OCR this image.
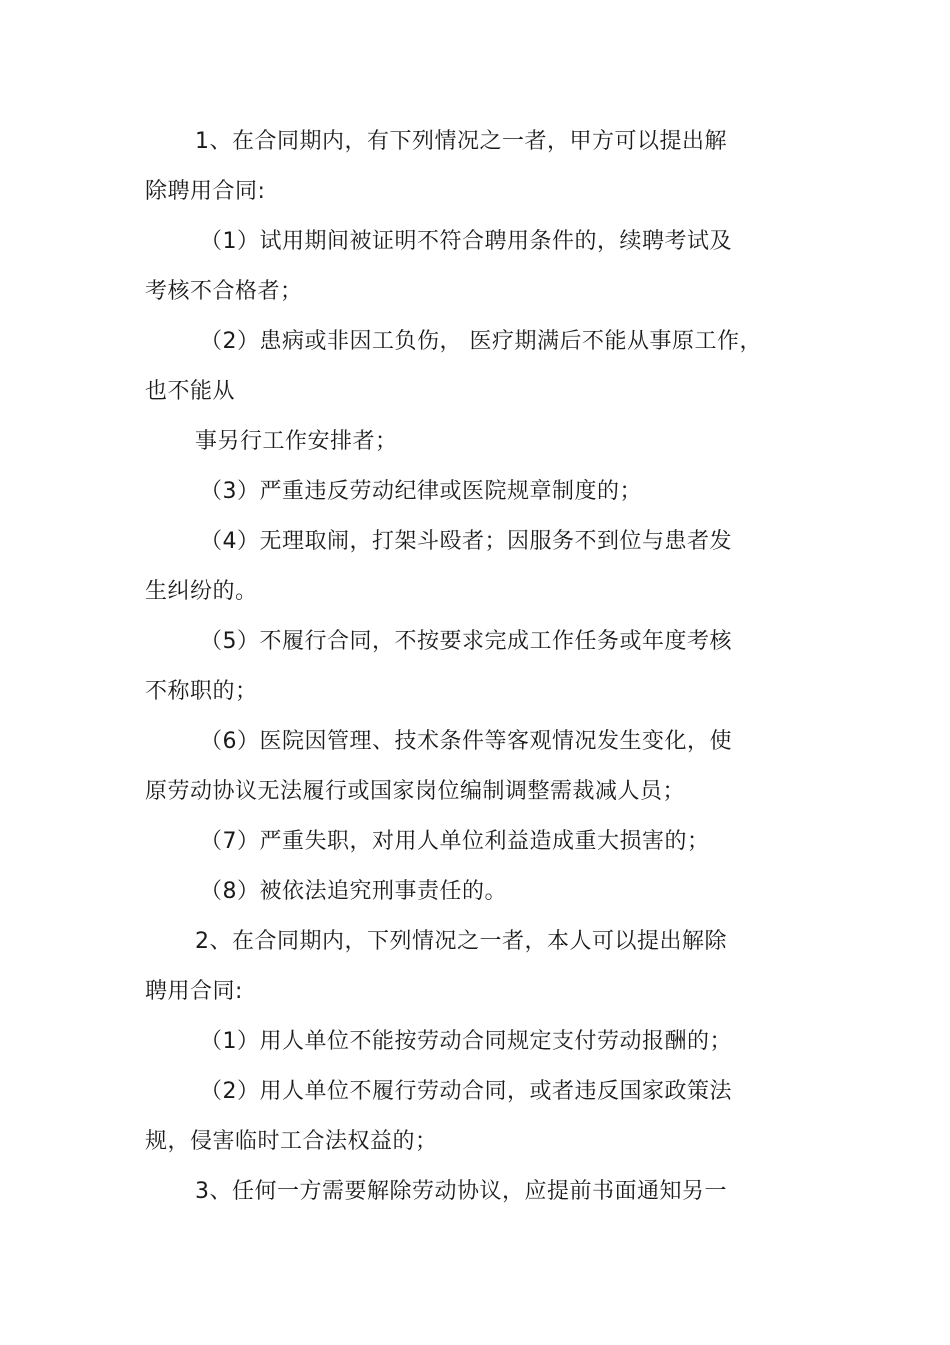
1、在合同期内，有下列情况之一者，甲方可以提出解
除聘用合同:
（1）试用期间被证明不符合聘用条件的，续聘考试及
考核不合格者；
（2）患病或非因工负伤， 医疗期满后不能从事原工作，
也不能从
事另行工作安排者；
（3）严重违反劳动纪律或医院规章制度的；
（4）无理取闹，打架斗殴者；因服务不到位与患者发
生纠纷的。
（5）不履行合同，不按要求完成工作任务或年度考核
不称职的；
（6）医院因管理、技术条件等客观情况发生变化，使
原劳动协议无法履行或国家岗位编制调整需裁减人员；
（7）严重失职，对用人单位利益造成重大损害的；
（8）被依法追究刑事责任的。
2、在合同期内，下列情况之一者，本人可以提出解除
聘用合同:
（1）用人单位不能按劳动合同规定支付劳动报酬的；
（2）用人单位不履行劳动合同，或者违反国家政策法
规，侵害临时工合法权益的；
3、任何一方需要解除劳动协议，应提前书面通知另一
